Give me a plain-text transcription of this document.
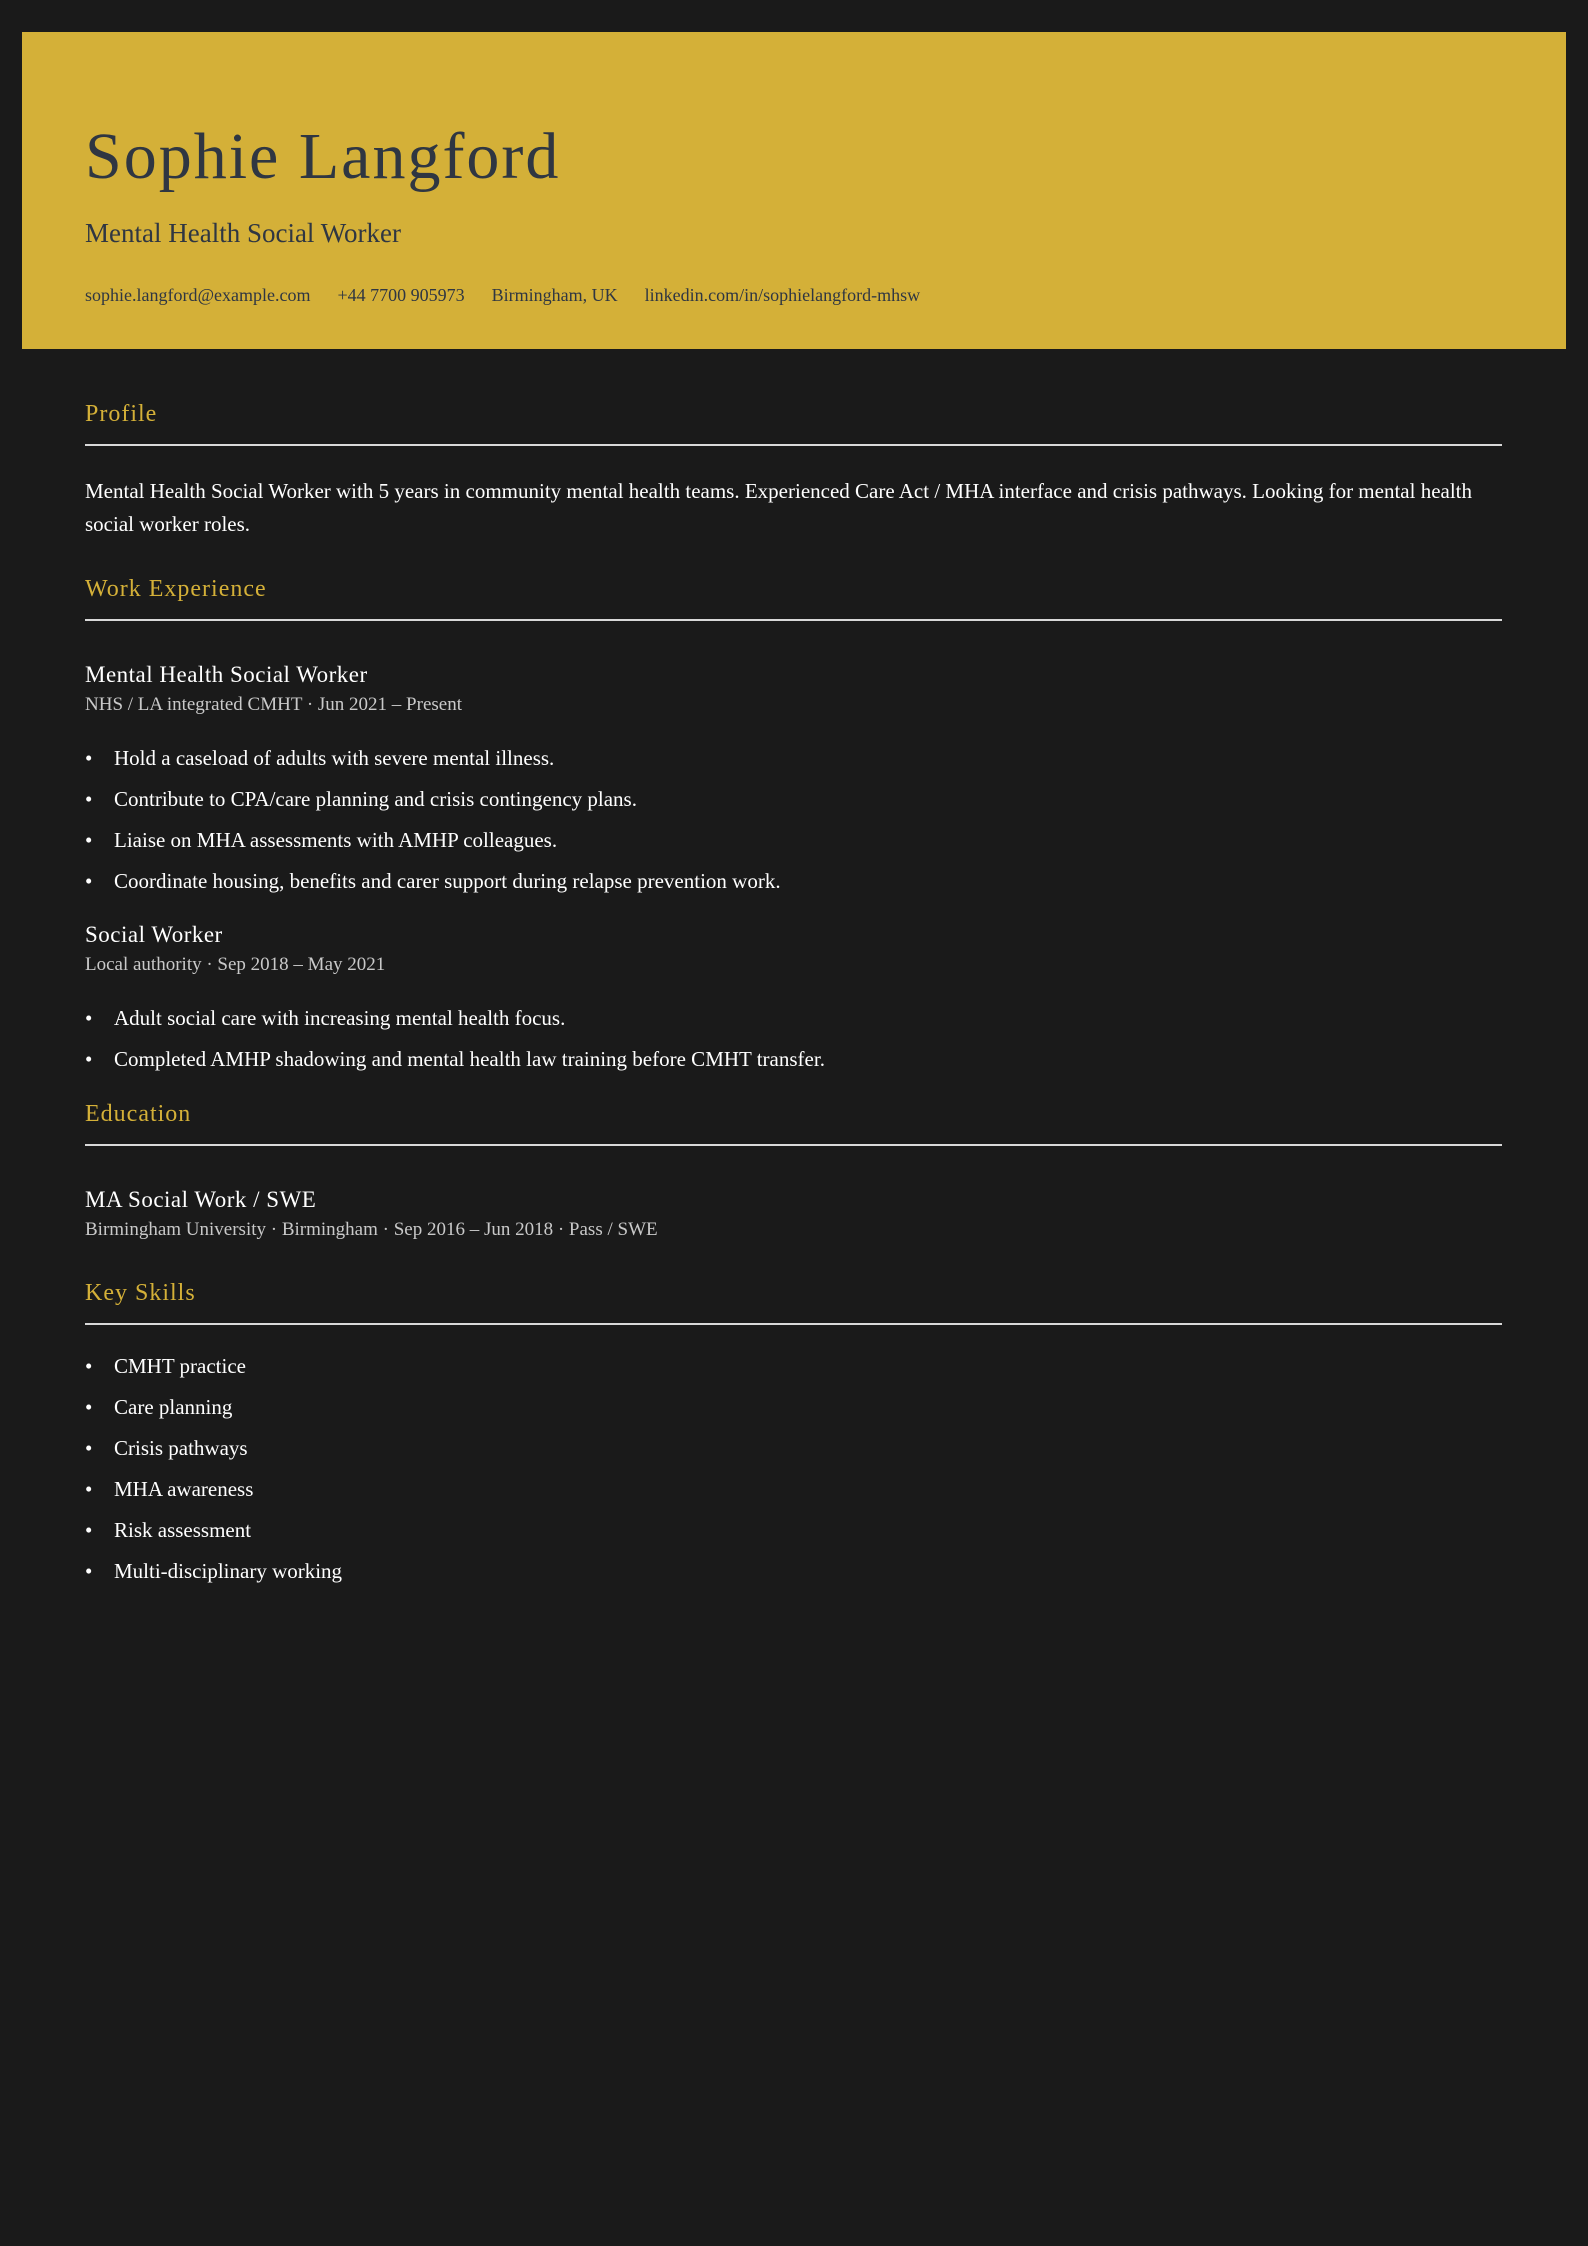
Sophie Langford
Mental Health Social Worker
sophie.langford@example.com +44 7700 905973 Birmingham, UK linkedin.com/in/sophielangford-mhsw
Profile

Mental Health Social Worker with 5 years in community mental health teams. Experienced Care Act / MHA interface and crisis pathways. Looking for mental health social worker roles.

Work Experience
Mental Health Social Worker
NHS / LA integrated CMHT · Jun 2021 – Present
• Hold a caseload of adults with severe mental illness.
• Contribute to CPA/care planning and crisis contingency plans.
• Liaise on MHA assessments with AMHP colleagues.
• Coordinate housing, benefits and carer support during relapse prevention work.
Social Worker
Local authority · Sep 2018 – May 2021
• Adult social care with increasing mental health focus.
• Completed AMHP shadowing and mental health law training before CMHT transfer.
Education
MA Social Work / SWE
Birmingham University · Birmingham · Sep 2016 – Jun 2018 · Pass / SWE
Key Skills
• CMHT practice
• Care planning
• Crisis pathways
• MHA awareness
• Risk assessment
• Multi-disciplinary working
